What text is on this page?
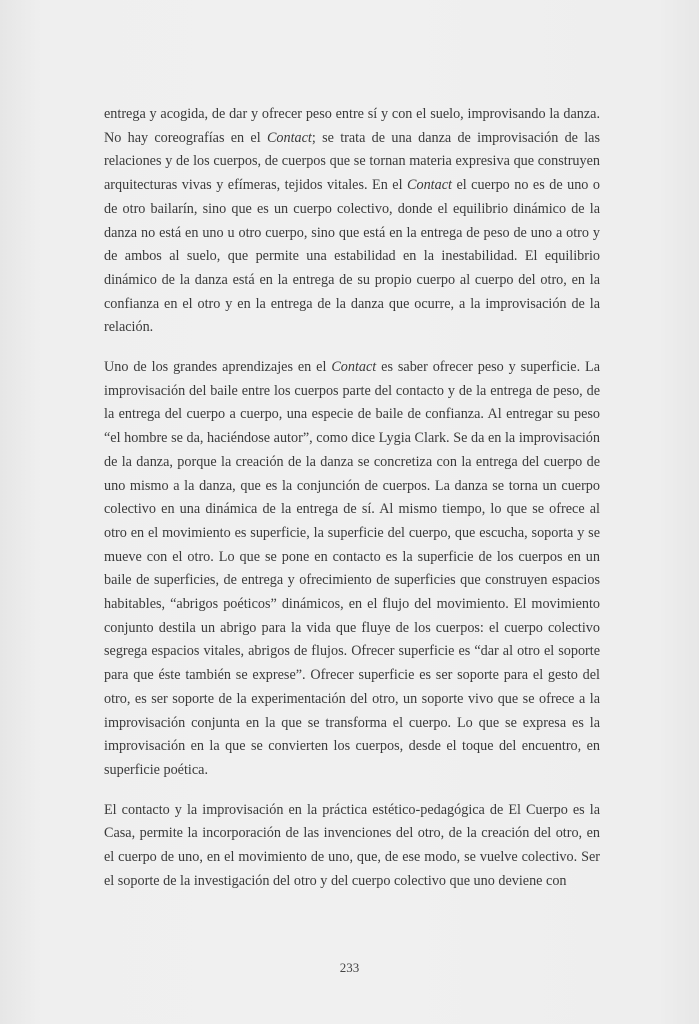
entrega y acogida, de dar y ofrecer peso entre sí y con el suelo, improvisando la danza. No hay coreografías en el Contact; se trata de una danza de improvisación de las relaciones y de los cuerpos, de cuerpos que se tornan materia expresiva que construyen arquitecturas vivas y efímeras, tejidos vitales. En el Contact el cuerpo no es de uno o de otro bailarín, sino que es un cuerpo colectivo, donde el equilibrio dinámico de la danza no está en uno u otro cuerpo, sino que está en la entrega de peso de uno a otro y de ambos al suelo, que permite una estabilidad en la inestabilidad. El equilibrio dinámico de la danza está en la entrega de su propio cuerpo al cuerpo del otro, en la confianza en el otro y en la entrega de la danza que ocurre, a la improvisación de la relación.

Uno de los grandes aprendizajes en el Contact es saber ofrecer peso y superficie. La improvisación del baile entre los cuerpos parte del contacto y de la entrega de peso, de la entrega del cuerpo a cuerpo, una especie de baile de confianza. Al entregar su peso “el hombre se da, haciéndose autor”, como dice Lygia Clark. Se da en la improvisación de la danza, porque la creación de la danza se concretiza con la entrega del cuerpo de uno mismo a la danza, que es la conjunción de cuerpos. La danza se torna un cuerpo colectivo en una dinámica de la entrega de sí. Al mismo tiempo, lo que se ofrece al otro en el movimiento es superficie, la superficie del cuerpo, que escucha, soporta y se mueve con el otro. Lo que se pone en contacto es la superficie de los cuerpos en un baile de superficies, de entrega y ofrecimiento de superficies que construyen espacios habitables, “abrigos poéticos” dinámicos, en el flujo del movimiento. El movimiento conjunto destila un abrigo para la vida que fluye de los cuerpos: el cuerpo colectivo segrega espacios vitales, abrigos de flujos. Ofrecer superficie es “dar al otro el soporte para que éste también se exprese”. Ofrecer superficie es ser soporte para el gesto del otro, es ser soporte de la experimentación del otro, un soporte vivo que se ofrece a la improvisación conjunta en la que se transforma el cuerpo. Lo que se expresa es la improvisación en la que se convierten los cuerpos, desde el toque del encuentro, en superficie poética.

El contacto y la improvisación en la práctica estético-pedagógica de El Cuerpo es la Casa, permite la incorporación de las invenciones del otro, de la creación del otro, en el cuerpo de uno, en el movimiento de uno, que, de ese modo, se vuelve colectivo. Ser el soporte de la investigación del otro y del cuerpo colectivo que uno deviene con

233
